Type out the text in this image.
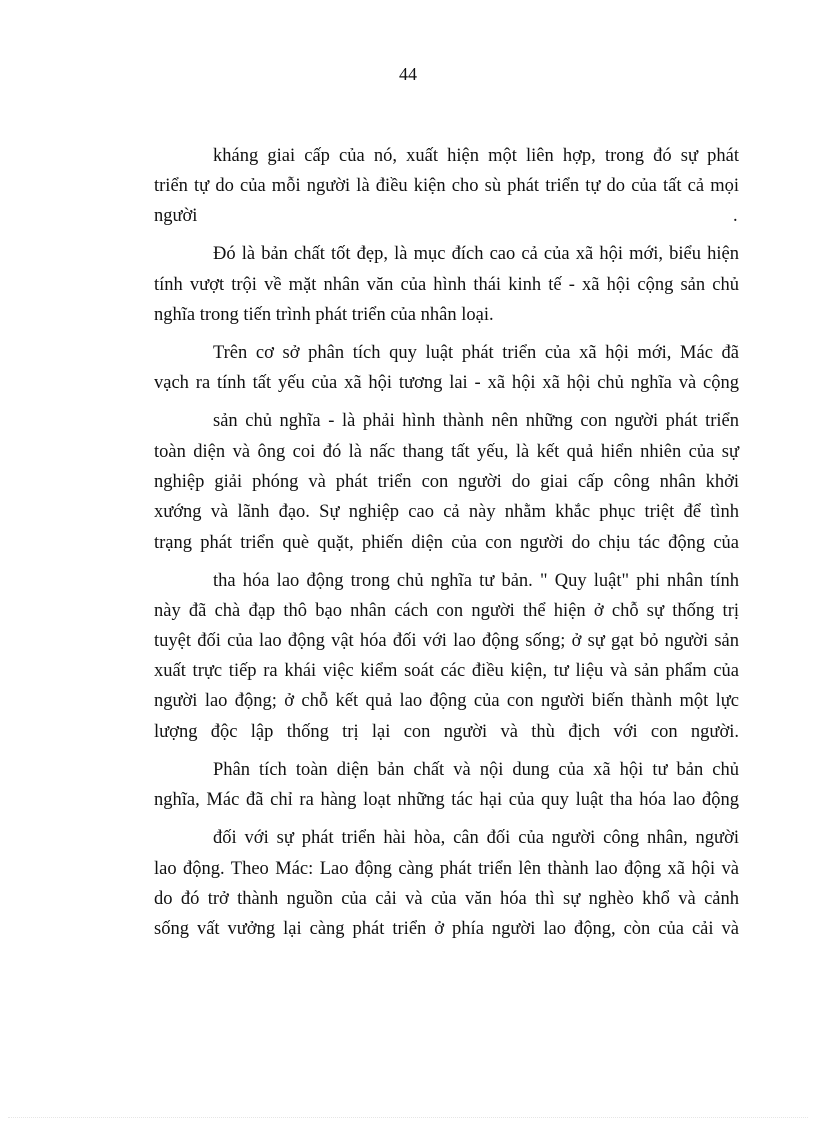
44
kháng giai cấp của nó, xuất hiện một liên hợp, trong đó sự phát
triển tự do của mỗi người là điều kiện cho sù phát triển tự do của tất cả mọi
người	.
Đó là bản chất tốt đẹp, là mục đích cao cả của xã hội mới, biểu hiện
tính vượt trội về mặt nhân văn của hình thái kinh tế - xã hội cộng sản chủ
nghĩa trong tiến trình phát triển của nhân loại.
Trên cơ sở phân tích quy luật phát triển của xã hội mới, Mác đã
vạch ra tính tất yếu của xã hội tương lai - xã hội xã hội chủ nghĩa và cộng
sản chủ nghĩa - là phải hình thành nên những con người phát triển
toàn diện và ông coi đó là nấc thang tất yếu, là kết quả hiển nhiên của sự
nghiệp giải phóng và phát triển con người do giai cấp công nhân khởi
xướng và lãnh đạo. Sự nghiệp cao cả này nhằm khắc phục triệt để tình
trạng phát triển què quặt, phiến diện của con người do chịu tác động của
tha hóa lao động trong chủ nghĩa tư bản. " Quy luật" phi nhân tính
này đã chà đạp thô bạo nhân cách con người thể hiện ở chỗ sự thống trị
tuyệt đối của lao động vật hóa đối với lao động sống; ở sự gạt bỏ người sản
xuất trực tiếp ra khái việc kiểm soát các điều kiện, tư liệu và sản phẩm của
người lao động; ở chỗ kết quả lao động của con người biến thành một lực
lượng độc lập thống trị lại con người và thù địch với con người.
Phân tích toàn diện bản chất và nội dung của xã hội tư bản chủ
nghĩa, Mác đã chỉ ra hàng loạt những tác hại của quy luật tha hóa lao động
đối với sự phát triển hài hòa, cân đối của người công nhân, người
lao động. Theo Mác: Lao động càng phát triển lên thành lao động xã hội và
do đó trở thành nguồn của cải và của văn hóa thì sự nghèo khổ và cảnh
sống vất vưởng lại càng phát triển ở phía người lao động, còn của cải và
